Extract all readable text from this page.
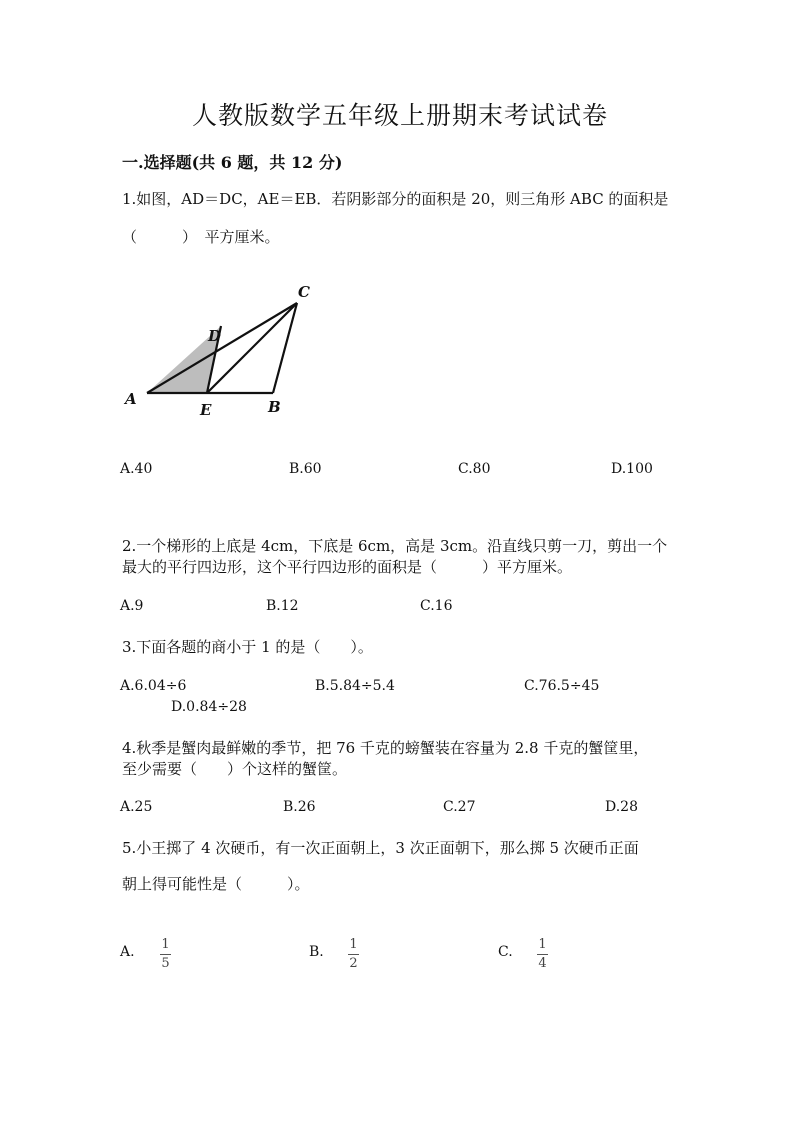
人教版数学五年级上册期末考试试卷
一.选择题(共 6 题，共 12 分)
1.如图，AD＝DC，AE＝EB．若阴影部分的面积是 20，则三角形 ABC 的面积是
（　　　）　平方厘米。
A
E	B
C
D
A.40	B.60	C.80	D.100
2.一个梯形的上底是 4cm，下底是 6cm，高是 3cm。沿直线只剪一刀，剪出一个
最大的平行四边形，这个平行四边形的面积是（　　　）平方厘米。
A.9	B.12	C.16
3.下面各题的商小于 1 的是（　　）。
A.6.04÷6	B.5.84÷5.4	C.76.5÷45
D.0.84÷28
4.秋季是蟹肉最鲜嫩的季节，把 76 千克的螃蟹装在容量为 2.8 千克的蟹筐里，
至少需要（　　）个这样的蟹筐。
A.25	B.26	C.27	D.28
5.小王掷了 4 次硬币，有一次正面朝上，3 次正面朝下，那么掷 5 次硬币正面
朝上得可能性是（　　　）。
A. 1
5
B. 1
2
C. 1
4
